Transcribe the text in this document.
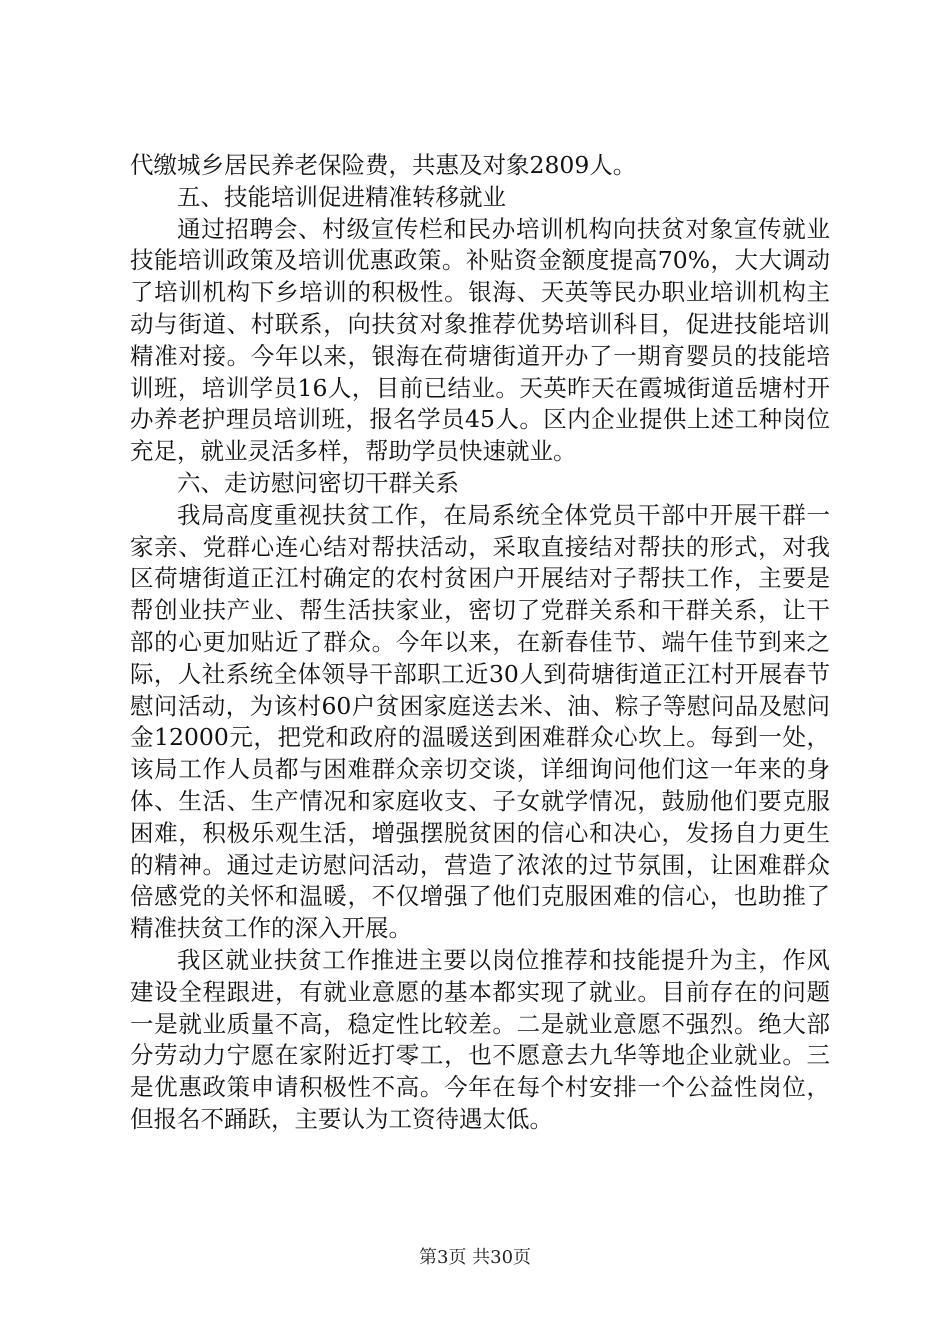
代缴城乡居民养老保险费，共惠及对象2809人。

五、技能培训促进精准转移就业

通过招聘会、村级宣传栏和民办培训机构向扶贫对象宣传就业技能培训政策及培训优惠政策。补贴资金额度提高70%，大大调动了培训机构下乡培训的积极性。银海、天英等民办职业培训机构主动与街道、村联系，向扶贫对象推荐优势培训科目，促进技能培训精准对接。今年以来，银海在荷塘街道开办了一期育婴员的技能培训班，培训学员16人，目前已结业。天英昨天在霞城街道岳塘村开办养老护理员培训班，报名学员45人。区内企业提供上述工种岗位充足，就业灵活多样，帮助学员快速就业。

六、走访慰问密切干群关系

我局高度重视扶贫工作，在局系统全体党员干部中开展干群一家亲、党群心连心结对帮扶活动，采取直接结对帮扶的形式，对我区荷塘街道正江村确定的农村贫困户开展结对子帮扶工作，主要是帮创业扶产业、帮生活扶家业，密切了党群关系和干群关系，让干部的心更加贴近了群众。今年以来，在新春佳节、端午佳节到来之际，人社系统全体领导干部职工近30人到荷塘街道正江村开展春节慰问活动，为该村60户贫困家庭送去米、油、粽子等慰问品及慰问金12000元，把党和政府的温暖送到困难群众心坎上。每到一处，该局工作人员都与困难群众亲切交谈，详细询问他们这一年来的身体、生活、生产情况和家庭收支、子女就学情况，鼓励他们要克服困难，积极乐观生活，增强摆脱贫困的信心和决心，发扬自力更生的精神。通过走访慰问活动，营造了浓浓的过节氛围，让困难群众倍感党的关怀和温暖，不仅增强了他们克服困难的信心，也助推了精准扶贫工作的深入开展。

我区就业扶贫工作推进主要以岗位推荐和技能提升为主，作风建设全程跟进，有就业意愿的基本都实现了就业。目前存在的问题一是就业质量不高，稳定性比较差。二是就业意愿不强烈。绝大部分劳动力宁愿在家附近打零工，也不愿意去九华等地企业就业。三是优惠政策申请积极性不高。今年在每个村安排一个公益性岗位，但报名不踊跃，主要认为工资待遇太低。

第3页 共30页
